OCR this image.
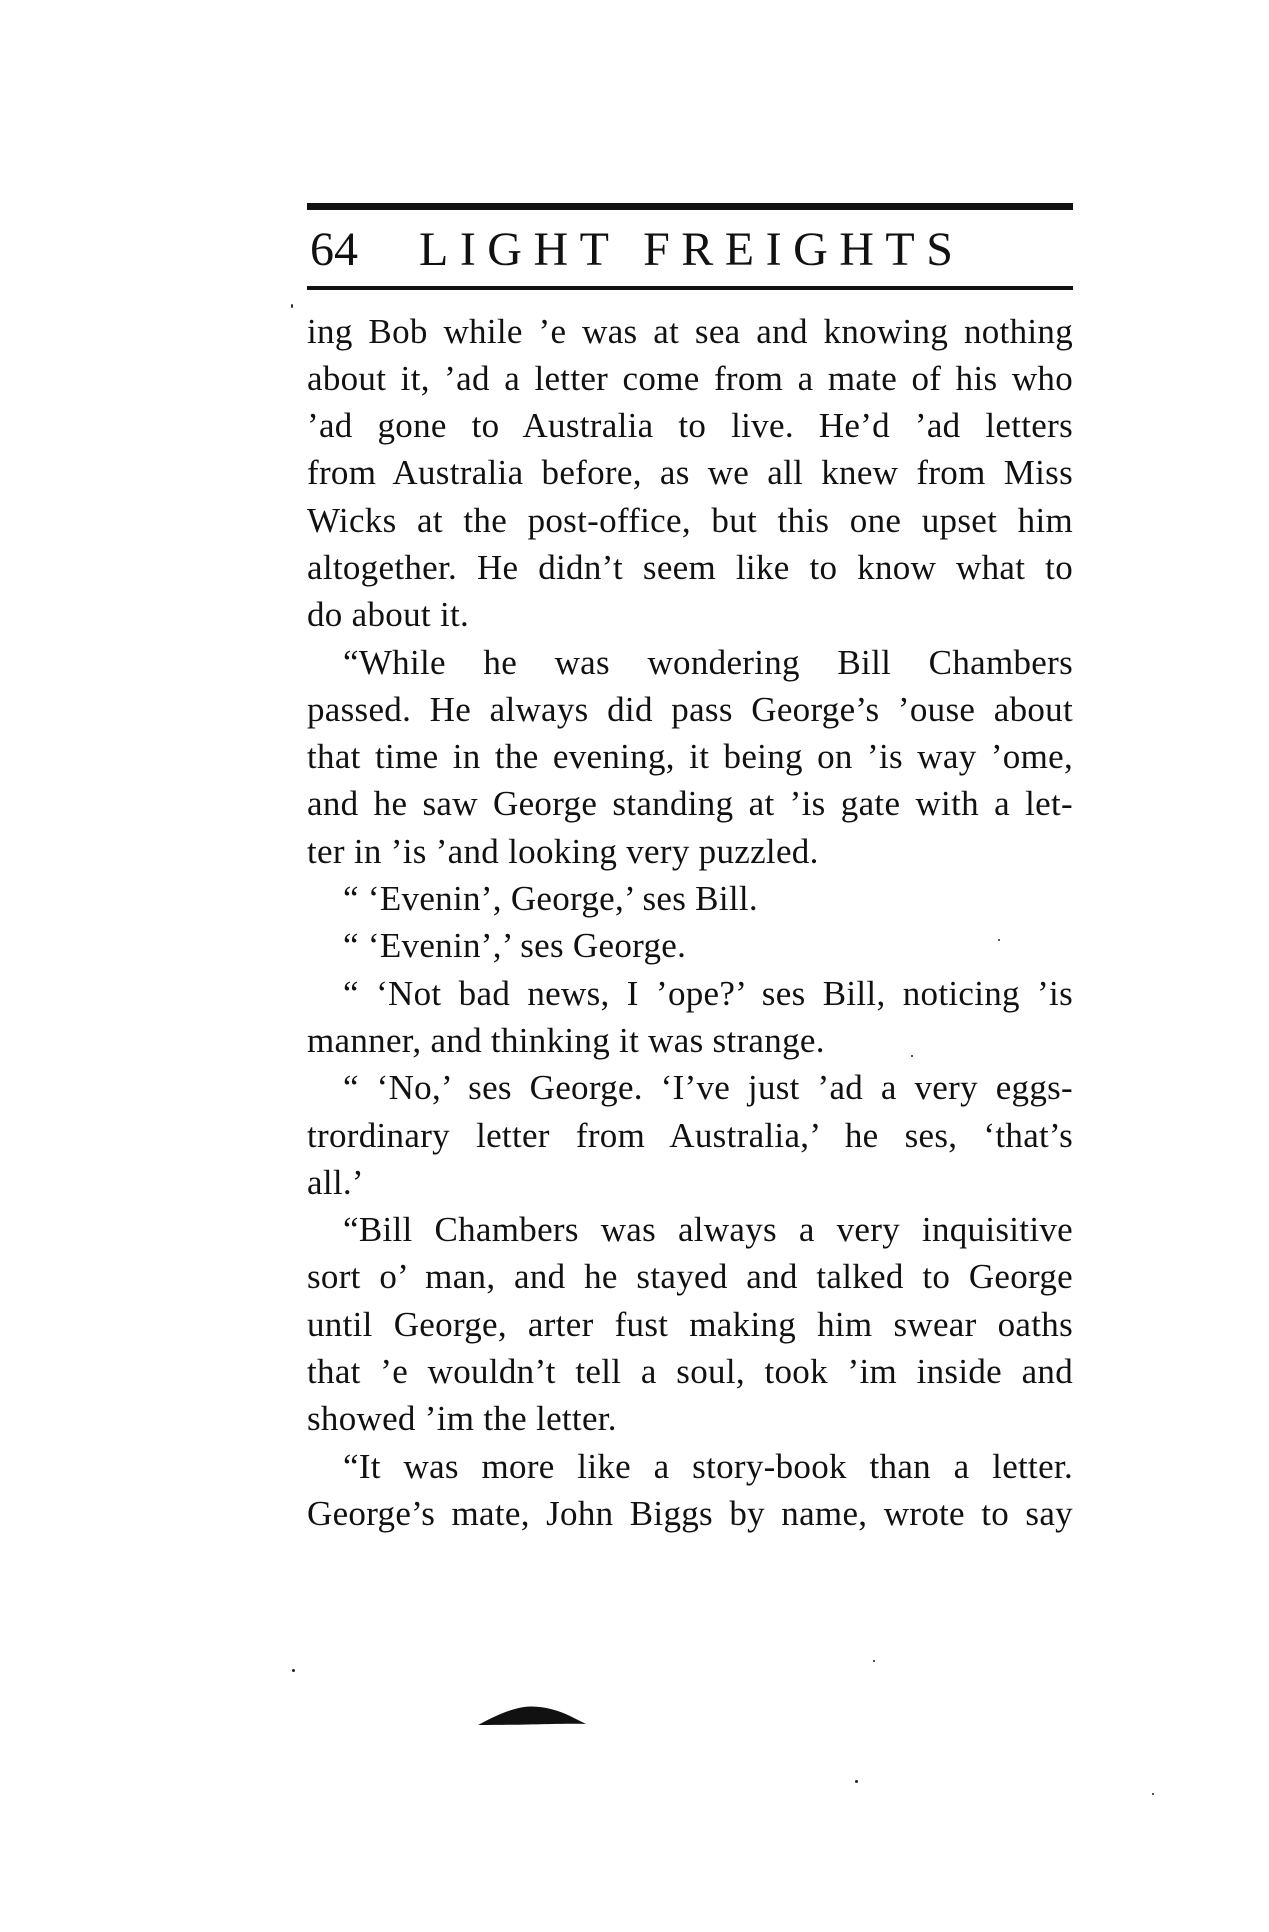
64 LIGHT FREIGHTS
ing Bob while ’e was at sea and knowing nothing
about it, ’ad a letter come from a mate of his who
’ad gone to Australia to live. He’d ’ad letters
from Australia before, as we all knew from Miss
Wicks at the post-office, but this one upset him
altogether. He didn’t seem like to know what to
do about it.
“While he was wondering Bill Chambers
passed. He always did pass George’s ’ouse about
that time in the evening, it being on ’is way ’ome,
and he saw George standing at ’is gate with a let-
ter in ’is ’and looking very puzzled.
“ ‘Evenin’, George,’ ses Bill.
“ ‘Evenin’,’ ses George.
“ ‘Not bad news, I ’ope?’ ses Bill, noticing ’is
manner, and thinking it was strange.
“ ‘No,’ ses George. ‘I’ve just ’ad a very eggs-
trordinary letter from Australia,’ he ses, ‘that’s
all.’
“Bill Chambers was always a very inquisitive
sort o’ man, and he stayed and talked to George
until George, arter fust making him swear oaths
that ’e wouldn’t tell a soul, took ’im inside and
showed ’im the letter.
“It was more like a story-book than a letter.
George’s mate, John Biggs by name, wrote to say
